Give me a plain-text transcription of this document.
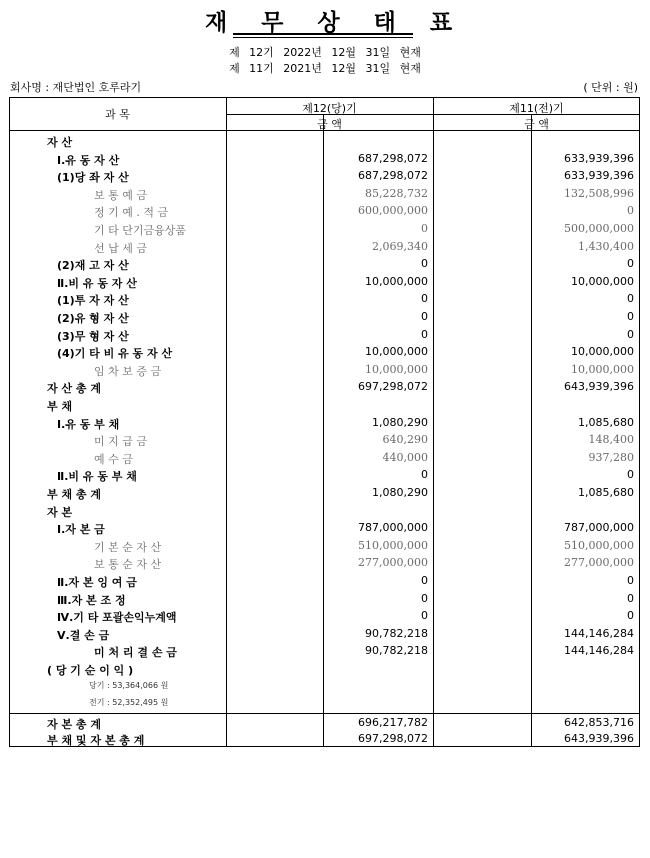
재 무 상 태 표
제 12기 2022년 12월 31일 현재
제 11기 2021년 12월 31일 현재
회사명 : 재단법인 호루라기	( 단위 : 원)
과 목	제12(당)기	제11(전)기
금 액	금 액
자 산
Ⅰ.유 동 자 산	687,298,072	633,939,396
(1)당 좌 자 산	687,298,072	633,939,396
보 통 예 금	85,228,732	132,508,996
정 기 예 . 적 금	600,000,000	0
기 타 단기금융상품	0	500,000,000
선 납 세 금	2,069,340	1,430,400
(2)재 고 자 산	0	0
Ⅱ.비 유 동 자 산	10,000,000	10,000,000
(1)투 자 자 산	0	0
(2)유 형 자 산	0	0
(3)무 형 자 산	0	0
(4)기 타 비 유 동 자 산	10,000,000	10,000,000
임 차 보 증 금	10,000,000	10,000,000
자 산 총 계	697,298,072	643,939,396
부 채
Ⅰ.유 동 부 채	1,080,290	1,085,680
미 지 급 금	640,290	148,400
예 수 금	440,000	937,280
Ⅱ.비 유 동 부 채	0	0
부 채 총 계	1,080,290	1,085,680
자 본
Ⅰ.자 본 금	787,000,000	787,000,000
기 본 순 자 산	510,000,000	510,000,000
보 통 순 자 산	277,000,000	277,000,000
Ⅱ.자 본 잉 여 금	0	0
Ⅲ.자 본 조 정	0	0
Ⅳ.기 타 포괄손익누계액	0	0
Ⅴ.결 손 금	90,782,218	144,146,284
미 처 리 결 손 금	90,782,218	144,146,284
( 당 기 순 이 익 )
당기 : 53,364,066 원
전기 : 52,352,495 원
자 본 총 계	696,217,782	642,853,716
부 채 및 자 본 총 계	697,298,072	643,939,396
